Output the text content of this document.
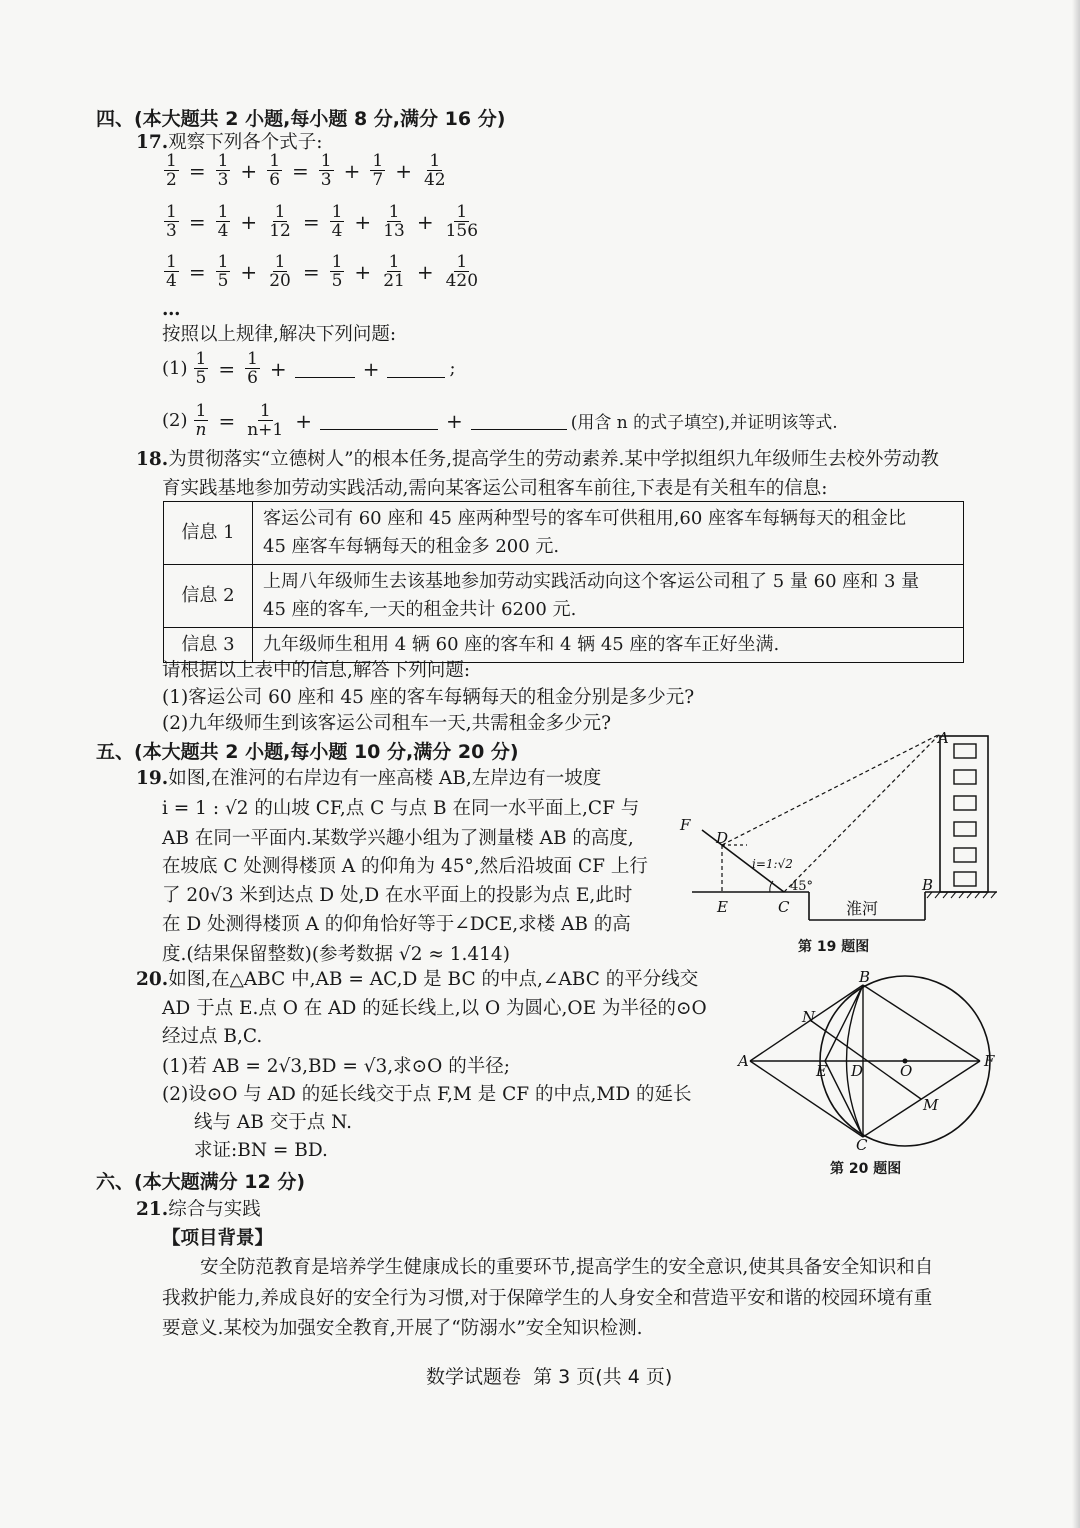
四、(本大题共 2 小题,每小题 8 分,满分 16 分)
17.观察下列各个式子:
$\frac{1}{2} = \frac{1}{3} + \frac{1}{6} = \frac{1}{3} + \frac{1}{7} + \frac{1}{42}$
$\frac{1}{3} = \frac{1}{4} + \frac{1}{12} = \frac{1}{4} + \frac{1}{13} + \frac{1}{156}$
$\frac{1}{4} = \frac{1}{5} + \frac{1}{20} = \frac{1}{5} + \frac{1}{21} + \frac{1}{420}$
…
按照以上规律,解决下列问题:
$(1) \frac{1}{5} = \frac{1}{6}$ +	+	;
$(2) \frac{1}{n} = \frac{1}{n+1}$ +	+	(用含 n 的式子填空),并证明该等式.
18.为贯彻落实“立德树人”的根本任务,提高学生的劳动素养.某中学拟组织九年级师生去校外劳动教
育实践基地参加劳动实践活动,需向某客运公司租客车前往,下表是有关租车的信息:
信息 1	客运公司有 60 座和 45 座两种型号的客车可供租用,60 座客车每辆每天的租金比
45 座客车每辆每天的租金多 200 元.

信息 2	上周八年级师生去该基地参加劳动实践活动向这个客运公司租了 5 量 60 座和 3 量
45 座的客车,一天的租金共计 6200 元.

信息 3	九年级师生租用 4 辆 60 座的客车和 4 辆 45 座的客车正好坐满.
请根据以上表中的信息,解答下列问题:
(1)客运公司 60 座和 45 座的客车每辆每天的租金分别是多少元?
(2)九年级师生到该客运公司租车一天,共需租金多少元?
五、(本大题共 2 小题,每小题 10 分,满分 20 分)
19.如图,在淮河的右岸边有一座高楼 AB,左岸边有一坡度
i = 1 : √2 的山坡 CF,点 C 与点 B 在同一水平面上,CF 与
AB 在同一平面内.某数学兴趣小组为了测量楼 AB 的高度,
在坡底 C 处测得楼顶 A 的仰角为 45°,然后沿坡面 CF 上行
了 20√3 米到达点 D 处,D 在水平面上的投影为点 E,此时
在 D 处测得楼顶 A 的仰角恰好等于∠DCE,求楼 AB 的高
度.(结果保留整数)(参考数据 √2 ≈ 1.414)
F
D
E	C
B
A
i=1:√2
45°
淮河
第 19 题图
20.如图,在△ABC 中,AB = AC,D 是 BC 的中点,∠ABC 的平分线交
AD 于点 E.点 O 在 AD 的延长线上,以 O 为圆心,OE 为半径的⊙O
经过点 B,C.
(1)若 AB = 2√3,BD = √3,求⊙O 的半径;
(2)设⊙O 与 AD 的延长线交于点 F,M 是 CF 的中点,MD 的延长
线与 AB 交于点 N.
求证:BN = BD.
A
B
C
D
E
F
M
N
O
第 20 题图
六、(本大题满分 12 分)
21.综合与实践
【项目背景】
安全防范教育是培养学生健康成长的重要环节,提高学生的安全意识,使其具备安全知识和自
我救护能力,养成良好的安全行为习惯,对于保障学生的人身安全和营造平安和谐的校园环境有重
要意义.某校为加强安全教育,开展了“防溺水”安全知识检测.
数学试题卷  第 3 页(共 4 页)
